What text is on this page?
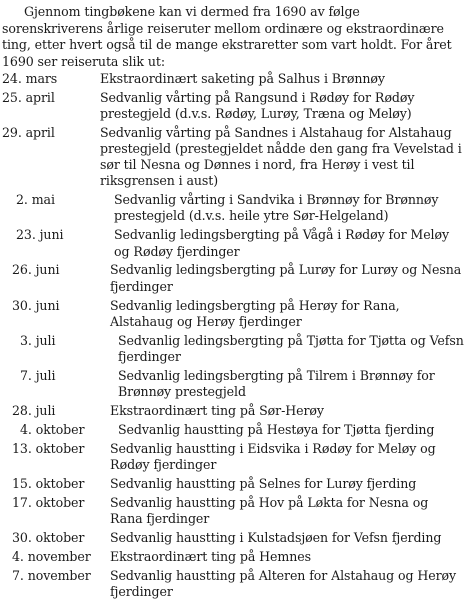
Gjennom tingbøkene kan vi dermed fra 1690 av følge sorenskriverens årlige reiseruter mellom ordinære og ekstraordinære ting, etter hvert også til de mange ekstraretter som vart holdt. For året 1690 ser reiseruta slik ut:

24. mars	Ekstraordinært saketing på Salhus i Brønnøy
25. april	Sedvanlig vårting på Rangsund i Rødøy for Rødøy prestegjeld (d.v.s. Rødøy, Lurøy, Træna og Meløy)
29. april	Sedvanlig vårting på Sandnes i Alstahaug for Alstahaug prestegjeld (prestegjeldet nådde den gang fra Vevelstad i sør til Nesna og Dønnes i nord, fra Herøy i vest til riksgrensen i aust)
2. mai	Sedvanlig vårting i Sandvika i Brønnøy for Brønnøy prestegjeld (d.v.s. heile ytre Sør-Helgeland)
23. juni	Sedvanlig ledingsbergting på Vågå i Rødøy for Meløy og Rødøy fjerdinger
26. juni	Sedvanlig ledingsbergting på Lurøy for Lurøy og Nesna fjerdinger
30. juni	Sedvanlig ledingsbergting på Herøy for Rana, Alstahaug og Herøy fjerdinger
3. juli	Sedvanlig ledingsbergting på Tjøtta for Tjøtta og Vefsn fjerdinger
7. juli	Sedvanlig ledingsbergting på Tilrem i Brønnøy for Brønnøy prestegjeld
28. juli	Ekstraordinært ting på Sør-Herøy
4. oktober	Sedvanlig haustting på Hestøya for Tjøtta fjerding
13. oktober	Sedvanlig haustting i Eidsvika i Rødøy for Meløy og Rødøy fjerdinger
15. oktober	Sedvanlig haustting på Selnes for Lurøy fjerding
17. oktober	Sedvanlig haustting på Hov på Løkta for Nesna og Rana fjerdinger
30. oktober	Sedvanlig haustting i Kulstadsjøen for Vefsn fjerding
4. november	Ekstraordinært ting på Hemnes
7. november	Sedvanlig haustting på Alteren for Alstahaug og Herøy fjerdinger
